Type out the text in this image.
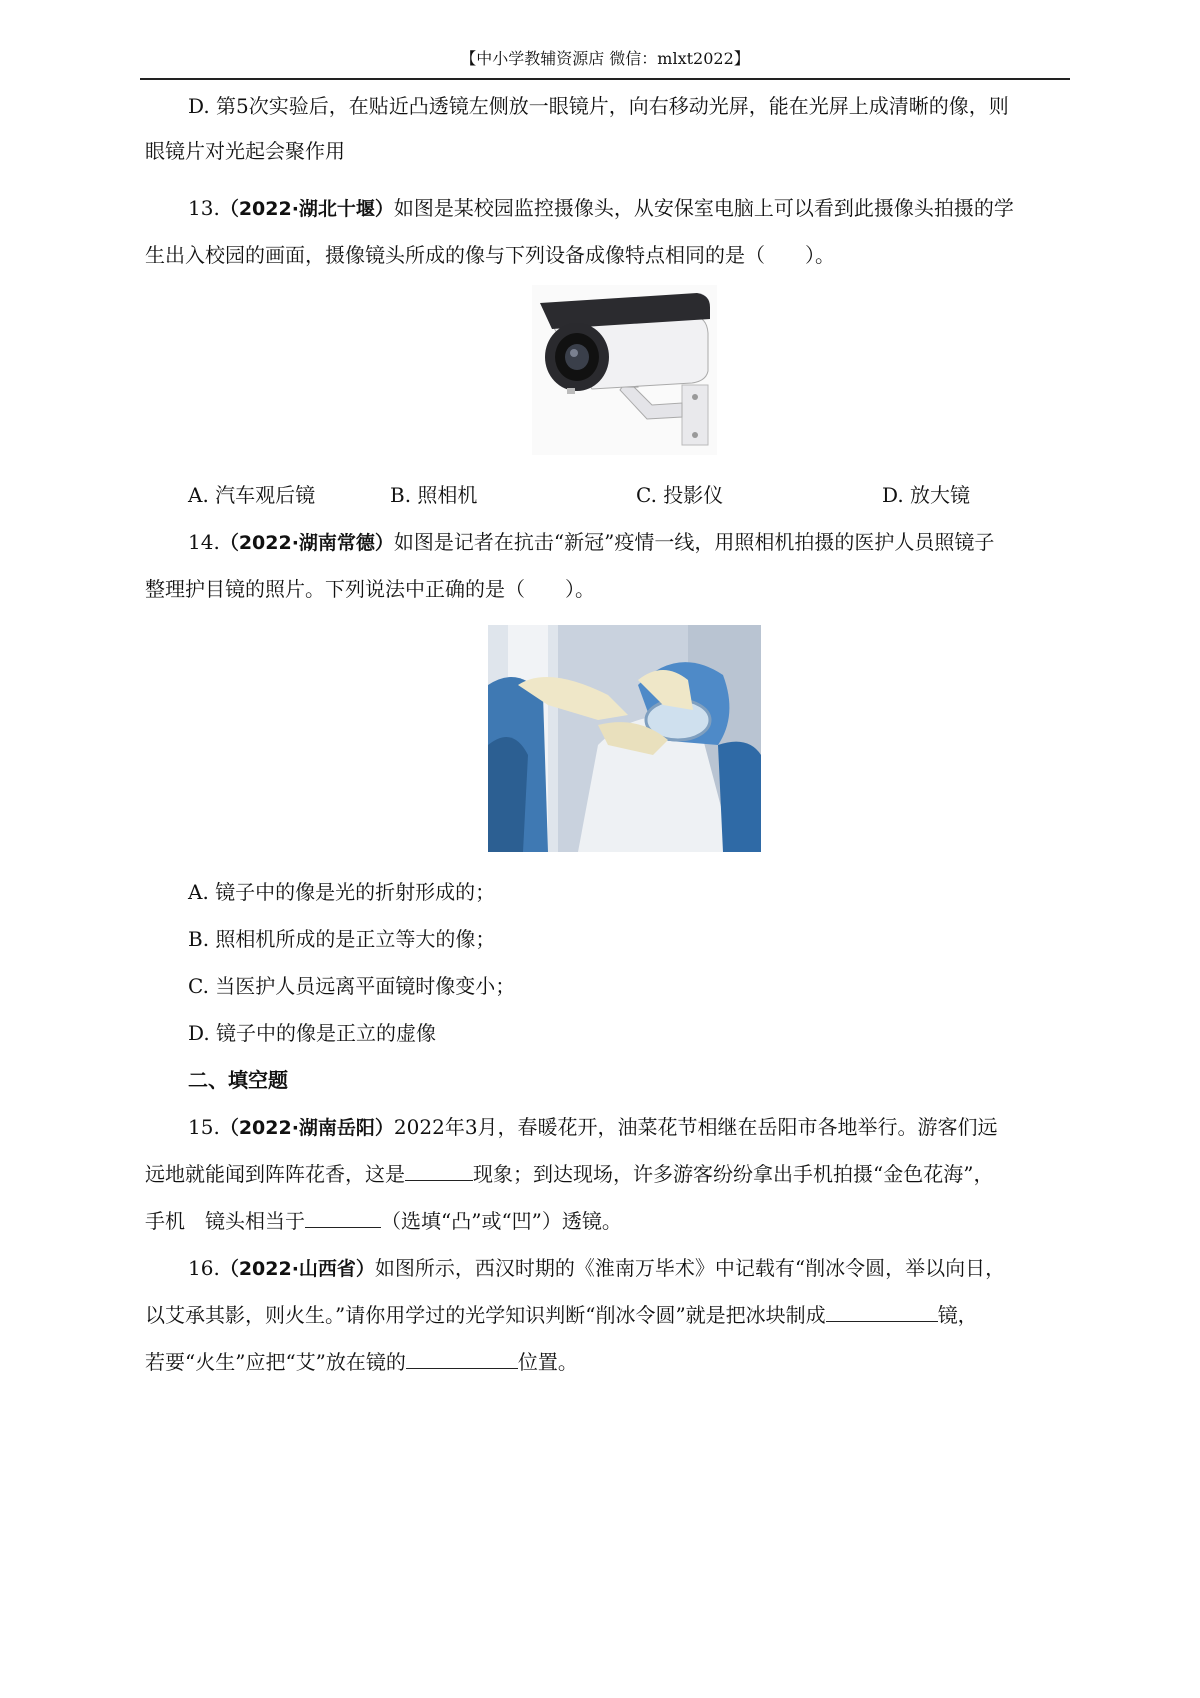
【中小学教辅资源店 微信：mlxt2022】
D. 第5次实验后，在贴近凸透镜左侧放一眼镜片，向右移动光屏，能在光屏上成清晰的像，则
眼镜片对光起会聚作用
13.（2022·湖北十堰）如图是某校园监控摄像头，从安保室电脑上可以看到此摄像头拍摄的学
生出入校园的画面，摄像镜头所成的像与下列设备成像特点相同的是（　　）。
A. 汽车观后镜	B. 照相机	C. 投影仪	D. 放大镜
14.（2022·湖南常德）如图是记者在抗击“新冠”疫情一线，用照相机拍摄的医护人员照镜子
整理护目镜的照片。下列说法中正确的是（　　）。
A. 镜子中的像是光的折射形成的；
B. 照相机所成的是正立等大的像；
C. 当医护人员远离平面镜时像变小；
D. 镜子中的像是正立的虚像
二、填空题
15.（2022·湖南岳阳）2022年3月，春暖花开，油菜花节相继在岳阳市各地举行。游客们远
远地就能闻到阵阵花香，这是	现象；到达现场，许多游客纷纷拿出手机拍摄“金色花海”，
手机　镜头相当于	（选填“凸”或“凹”）透镜。
16.（2022·山西省）如图所示，西汉时期的《淮南万毕术》中记载有“削冰令圆，举以向日，
以艾承其影，则火生。”请你用学过的光学知识判断“削冰令圆”就是把冰块制成	镜，
若要“火生”应把“艾”放在镜的	位置。
